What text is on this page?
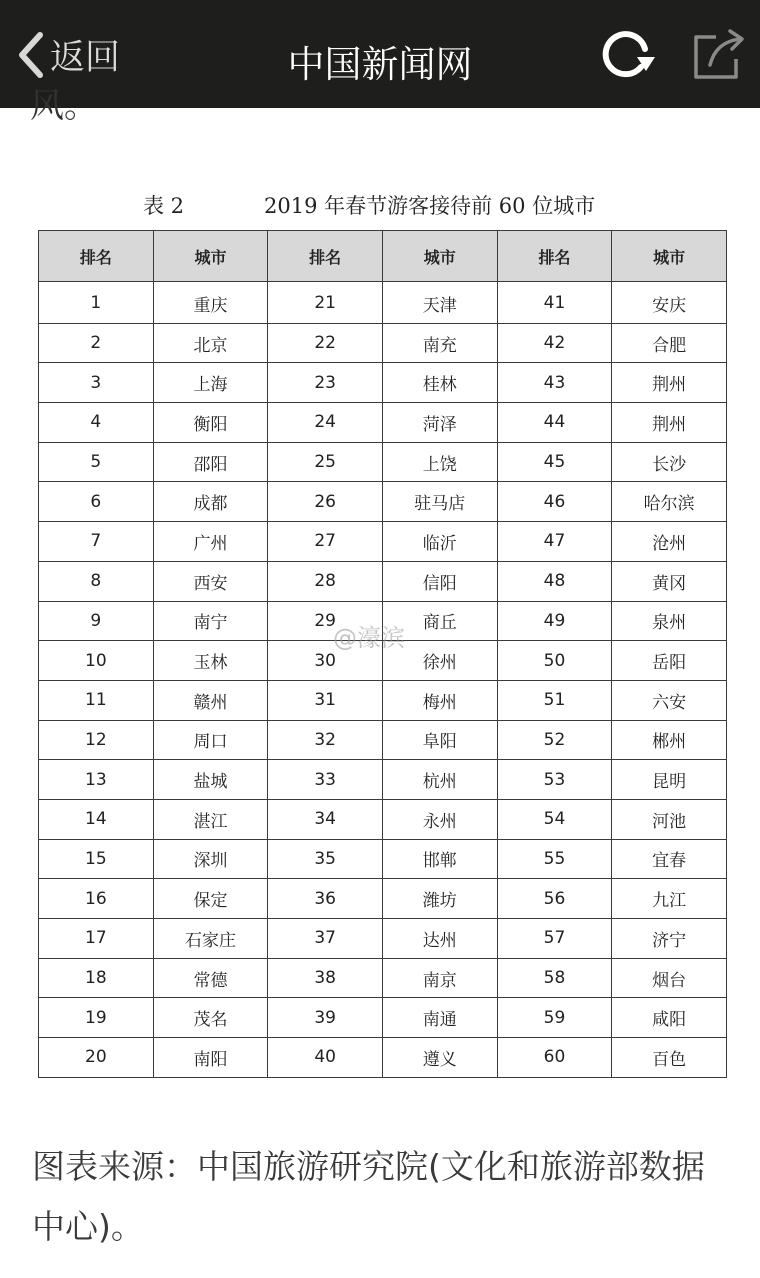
返回	中国新闻网
风。
表 2	2019 年春节游客接待前 60 位城市
排名	城市	排名	城市	排名	城市
1	重庆	21	天津	41	安庆
2	北京	22	南充	42	合肥
3	上海	23	桂林	43	荆州
4	衡阳	24	菏泽	44	荆州
5	邵阳	25	上饶	45	长沙
6	成都	26	驻马店	46	哈尔滨
7	广州	27	临沂	47	沧州
8	西安	28	信阳	48	黄冈
9	南宁	29	商丘	49	泉州
10	玉林	30	徐州	50	岳阳
11	赣州	31	梅州	51	六安
12	周口	32	阜阳	52	郴州
13	盐城	33	杭州	53	昆明
14	湛江	34	永州	54	河池
15	深圳	35	邯郸	55	宜春
16	保定	36	潍坊	56	九江
17	石家庄	37	达州	57	济宁
18	常德	38	南京	58	烟台
19	茂名	39	南通	59	咸阳
20	南阳	40	遵义	60	百色
@濠滨
图表来源：中国旅游研究院(文化和旅游部数据中心)。
